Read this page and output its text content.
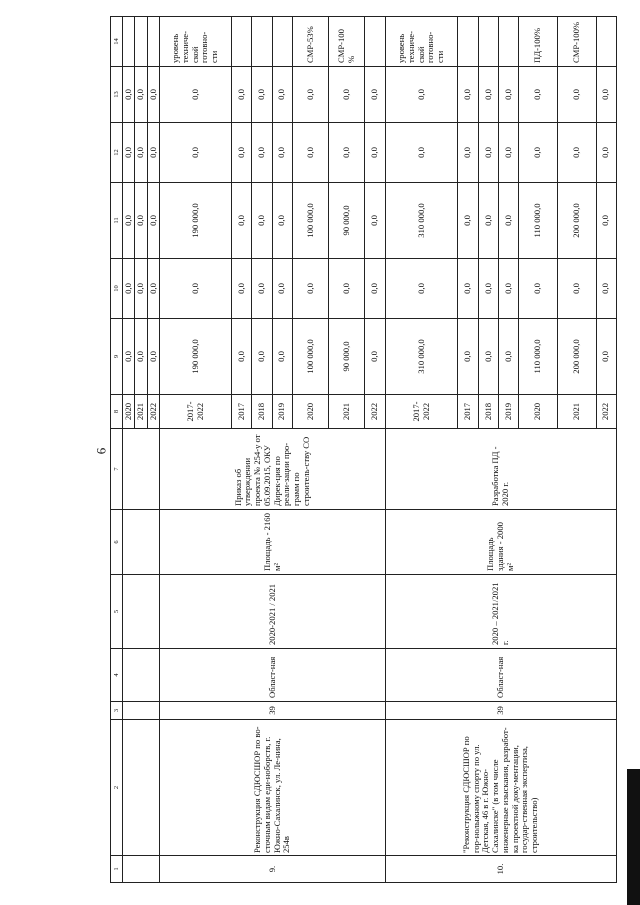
6
1	2	3	4	5	6	7	8	9	10	11	12	13	14
							2020	0,0	0,0	0,0	0,0	0,0	
							2021	0,0	0,0	0,0	0,0	0,0	
							2022	0,0	0,0	0,0	0,0	0,0	
9.	Реконструкция СДЮСШОР по во-сточным видам еди-ноборств, г. Южно-Сахалинск, ул. Ле-нина, 254в	39	Област-ная	2020-2021 / 2021	Площадь - 2160 м²	Приказ об утверждении проекта № 254-у от 05.09.2015, ОКУ Дирек-ция по реали-зации про-грамм по строитель-ству СО	2017-2022	190 000,0	0,0	190 000,0	0,0	0,0	уровень техниче-ской готовно-сти
							2017	0,0	0,0	0,0	0,0	0,0	
							2018	0,0	0,0	0,0	0,0	0,0	
							2019	0,0	0,0	0,0	0,0	0,0	
							2020	100 000,0	0,0	100 000,0	0,0	0,0	СМР-53%
							2021	90 000,0	0,0	90 000,0	0,0	0,0	СМР-100 %
							2022	0,0	0,0	0,0	0,0	0,0	
10.	"Реконструкция СДЮСШОР по гор-нолыжному спорту по ул. Детская, 46 в г. Южно- Сахалинске" (в том числе инженерные изыскания, разработ-ка проектной доку-ментации, государ-ственная экспертиза, строительство)	39	Област-ная	2020 – 2021/2021 г.	Площадь здания - 2000 м²	Разработка ПД - 2020 г.	2017-2022	310 000,0	0,0	310 000,0	0,0	0,0	уровень техниче-ской готовно-сти
							2017	0,0	0,0	0,0	0,0	0,0	
							2018	0,0	0,0	0,0	0,0	0,0	
							2019	0,0	0,0	0,0	0,0	0,0	
							2020	110 000,0	0,0	110 000,0	0,0	0,0	ПД-100%
							2021	200 000,0	0,0	200 000,0	0,0	0,0	СМР-100%
							2022	0,0	0,0	0,0	0,0	0,0	
